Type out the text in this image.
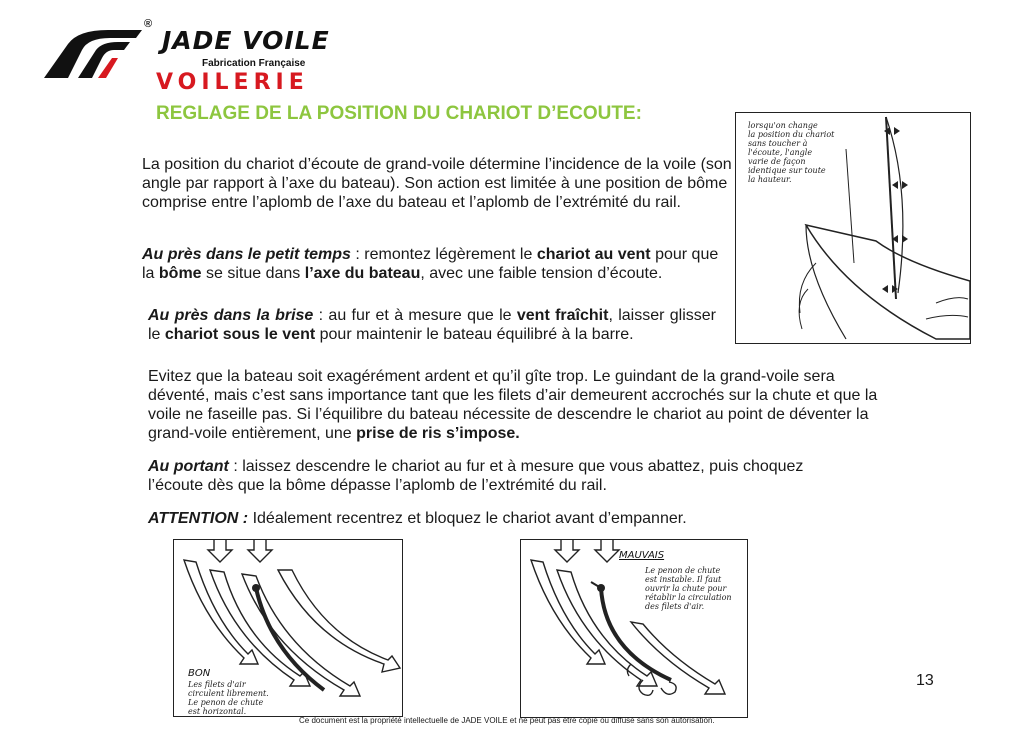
JADE VOILE
®
Fabrication Française
VOILERIE
REGLAGE DE LA POSITION DU CHARIOT D’ECOUTE:
La position du chariot d’écoute de grand-voile détermine l’incidence de la voile (son angle par rapport à l’axe du bateau). Son action est limitée à une position de bôme comprise entre l’aplomb de l’axe du bateau et l’aplomb de l’extrémité du rail.
Au près dans le petit temps : remontez légèrement le chariot au vent pour que la bôme se situe dans l’axe du bateau, avec une faible tension d’écoute.
Au près dans la brise : au fur et à mesure que le vent fraîchit, laisser glisser le chariot sous le vent pour maintenir le bateau équilibré à la barre.
Evitez que la bateau soit exagérément ardent et qu’il gîte trop. Le guindant de la grand-voile sera déventé, mais c’est sans importance tant que les filets d’air demeurent accrochés sur la chute et que la voile ne faseille pas. Si l’équilibre du bateau nécessite de descendre le chariot au point de déventer la grand-voile entièrement, une prise de ris s’impose.
Au portant : laissez descendre le chariot au fur et à mesure que vous abattez, puis choquez l’écoute dès que la bôme dépasse l’aplomb de l’extrémité du rail.
ATTENTION : Idéalement recentrez et bloquez le chariot avant d’empanner.
lorsqu'on change
la position du chariot
sans toucher à
l'écoute, l'angle
varie de façon
identique sur toute
la hauteur.
BON
Les filets d'air
circulent librement.
Le penon de chute
est horizontal.
MAUVAIS
Le penon de chute
est instable. Il faut
ouvrir la chute pour
rétablir la circulation
des filets d'air.
13
Ce document est la propriété intellectuelle de JADE VOILE et ne peut pas être copié ou diffusé sans son autorisation.
